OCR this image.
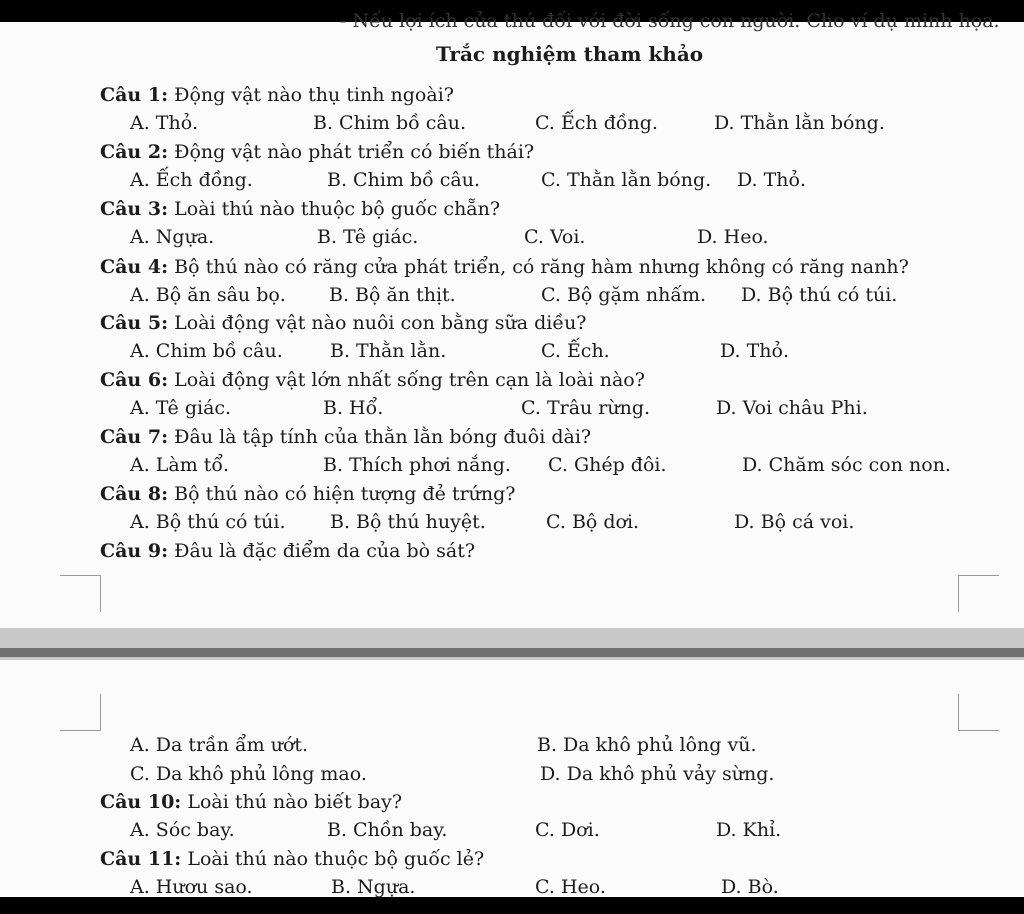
- Nếu lợi ích của thú đối với đời sống con người. Cho ví dụ minh họa.
Trắc nghiệm tham khảo
Câu 1: Động vật nào thụ tinh ngoài?
A. Thỏ.	B. Chim bồ câu.	C. Ếch đồng.	D. Thằn lằn bóng.
Câu 2: Động vật nào phát triển có biến thái?
A. Ếch đồng.	B. Chim bồ câu.	C. Thằn lằn bóng. D. Thỏ.
Câu 3: Loài thú nào thuộc bộ guốc chẵn?
A. Ngựa.	B. Tê giác.	C. Voi.	D. Heo.
Câu 4: Bộ thú nào có răng cửa phát triển, có răng hàm nhưng không có răng nanh?
A. Bộ ăn sâu bọ. B. Bộ ăn thịt.	C. Bộ gặm nhấm. D. Bộ thú có túi.
Câu 5: Loài động vật nào nuôi con bằng sữa diều?
A. Chim bồ câu. B. Thằn lằn.	C. Ếch.	D. Thỏ.
Câu 6: Loài động vật lớn nhất sống trên cạn là loài nào?
A. Tê giác.	B. Hổ.	C. Trâu rừng.	D. Voi châu Phi.
Câu 7: Đâu là tập tính của thằn lằn bóng đuôi dài?
A. Làm tổ.	B. Thích phơi nắng. C. Ghép đôi.	D. Chăm sóc con non.
Câu 8: Bộ thú nào có hiện tượng đẻ trứng?
A. Bộ thú có túi. B. Bộ thú huyệt.	C. Bộ dơi.	D. Bộ cá voi.
Câu 9: Đâu là đặc điểm da của bò sát?
A. Da trần ẩm ướt.	B. Da khô phủ lông vũ.
C. Da khô phủ lông mao.	D. Da khô phủ vảy sừng.
Câu 10: Loài thú nào biết bay?
A. Sóc bay.	B. Chồn bay.	C. Dơi.	D. Khỉ.
Câu 11: Loài thú nào thuộc bộ guốc lẻ?
A. Hươu sao.	B. Ngựa.	C. Heo.	D. Bò.
